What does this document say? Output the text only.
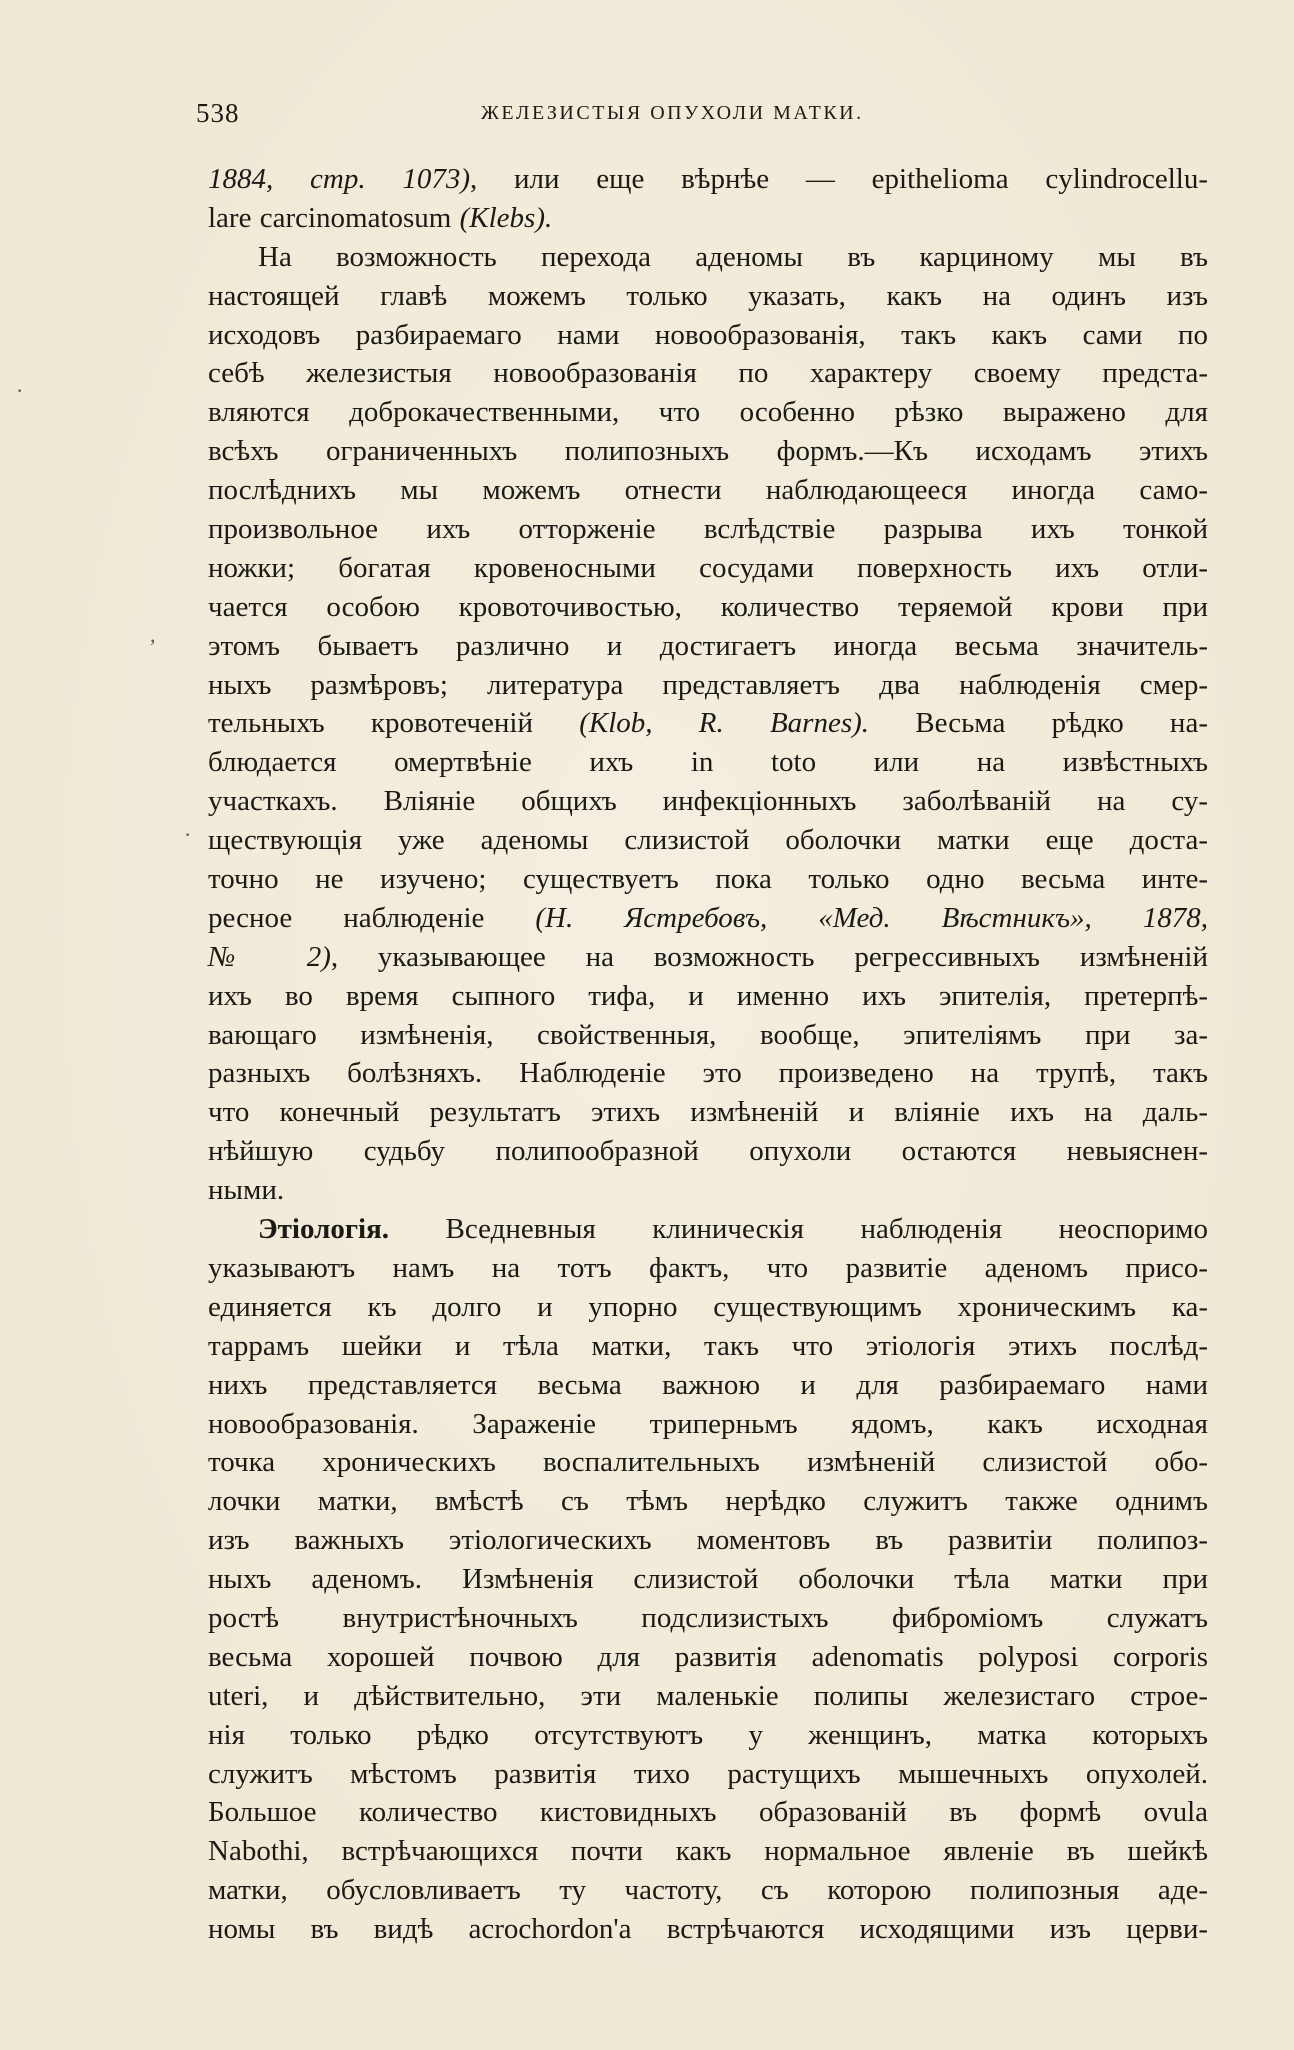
538	ЖЕЛЕЗИСТЫЯ ОПУХОЛИ МАТКИ.
1884, стр. 1073), или еще вѣрнѣе — epitheliomа cylindrocellu-
lare carcinomatosum (Klebs).
На возможность перехода аденомы въ карциному мы въ
настоящей главѣ можемъ только указать, какъ на одинъ изъ
исходовъ разбираемаго нами новообразованія, такъ какъ сами по
себѣ железистыя новообразованія по характеру своему предста-
вляются доброкачественными, что особенно рѣзко выражено для
всѣхъ ограниченныхъ полипозныхъ формъ.—Къ исходамъ этихъ
послѣднихъ мы можемъ отнести наблюдающееся иногда само-
произвольное ихъ отторженіе вслѣдствіе разрыва ихъ тонкой
ножки; богатая кровеносными сосудами поверхность ихъ отли-
чается особою кровоточивостью, количество теряемой крови при
этомъ бываетъ различно и достигаетъ иногда весьма значитель-
ныхъ размѣровъ; литература представляетъ два наблюденія смер-
тельныхъ кровотеченій (Klob, R. Barnes). Весьма рѣдко на-
блюдается омертвѣніе ихъ in toto или на извѣстныхъ
участкахъ. Вліяніе общихъ инфекціонныхъ заболѣваній на су-
ществующія уже аденомы слизистой оболочки матки еще доста-
точно не изучено; существуетъ пока только одно весьма инте-
ресное наблюденіе (Н. Ястребовъ, «Мед. Вѣстникъ», 1878,
№ 2), указывающее на возможность регрессивныхъ измѣненій
ихъ во время сыпного тифа, и именно ихъ эпителія, претерпѣ-
вающаго измѣненія, свойственныя, вообще, эпителіямъ при за-
разныхъ болѣзняхъ. Наблюденіе это произведено на трупѣ, такъ
что конечный результатъ этихъ измѣненій и вліяніе ихъ на даль-
нѣйшую судьбу полипообразной опухоли остаются невыяснен-
ными.
Этіологія. Вседневныя клиническія наблюденія неоспоримо
указываютъ намъ на тотъ фактъ, что развитіе аденомъ присо-
единяется къ долго и упорно существующимъ хроническимъ ка-
таррамъ шейки и тѣла матки, такъ что этіологія этихъ послѣд-
нихъ представляется весьма важною и для разбираемаго нами
новообразованія. Зараженіе триперньмъ ядомъ, какъ исходная
точка хроническихъ воспалительныхъ измѣненій слизистой обо-
лочки матки, вмѣстѣ съ тѣмъ нерѣдко служитъ также однимъ
изъ важныхъ этіологическихъ моментовъ въ развитіи полипоз-
ныхъ аденомъ. Измѣненія слизистой оболочки тѣла матки при
ростѣ внутристѣночныхъ подслизистыхъ фиброміомъ служатъ
весьма хорошей почвою для развитія adenomatis polyposi corporis
uteri, и дѣйствительно, эти маленькіе полипы железистаго строе-
нія только рѣдко отсутствуютъ у женщинъ, матка которыхъ
служитъ мѣстомъ развитія тихо растущихъ мышечныхъ опухолей.
Большое количество кистовидныхъ образованій въ формѣ ovula
Nabothi, встрѣчающихся почти какъ нормальное явленіе въ шейкѣ
матки, обусловливаетъ ту частоту, съ которою полипозныя аде-
номы въ видѣ acrochordon'а встрѣчаются исходящими изъ церви-
·
,
·
